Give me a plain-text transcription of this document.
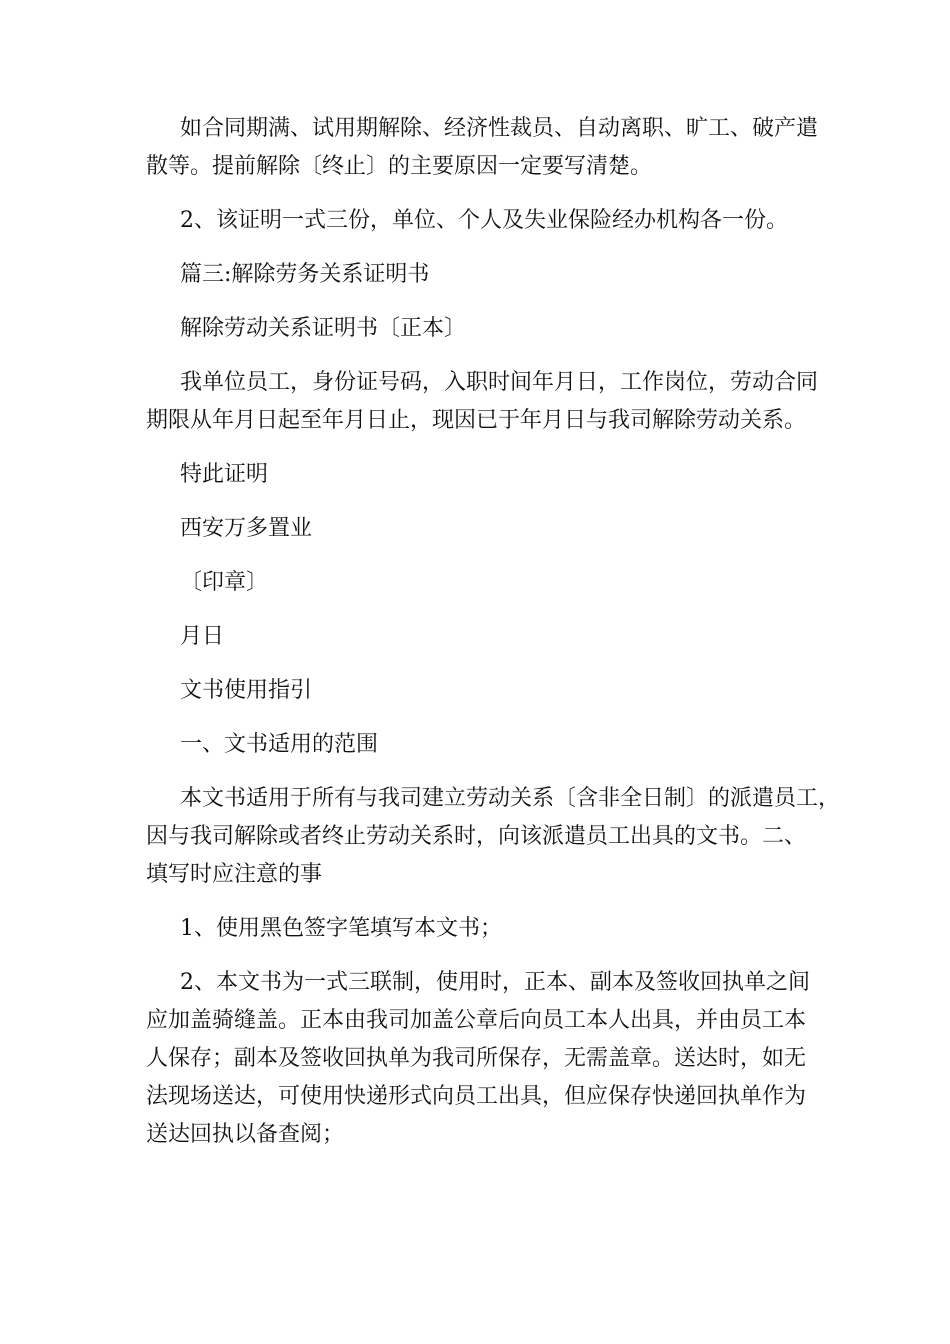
如合同期满、试用期解除、经济性裁员、自动离职、旷工、破产遣
散等。提前解除〔终止〕的主要原因一定要写清楚。
2、该证明一式三份，单位、个人及失业保险经办机构各一份。
篇三:解除劳务关系证明书
解除劳动关系证明书〔正本〕
我单位员工，身份证号码，入职时间年月日，工作岗位，劳动合同
期限从年月日起至年月日止，现因已于年月日与我司解除劳动关系。
特此证明
西安万多置业
〔印章〕
月日
文书使用指引
一、文书适用的范围
本文书适用于所有与我司建立劳动关系〔含非全日制〕的派遣员工，
因与我司解除或者终止劳动关系时，向该派遣员工出具的文书。二、
填写时应注意的事
1、使用黑色签字笔填写本文书；
2、本文书为一式三联制，使用时，正本、副本及签收回执单之间
应加盖骑缝盖。正本由我司加盖公章后向员工本人出具，并由员工本
人保存；副本及签收回执单为我司所保存，无需盖章。送达时，如无
法现场送达，可使用快递形式向员工出具，但应保存快递回执单作为
送达回执以备查阅；
